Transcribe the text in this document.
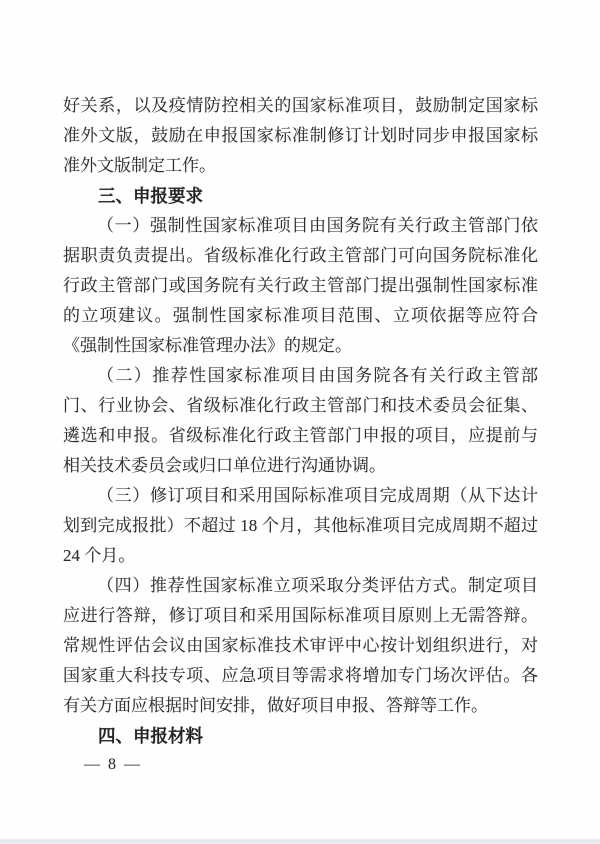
好关系，以及疫情防控相关的国家标准项目，鼓励制定国家标准外文版，鼓励在申报国家标准制修订计划时同步申报国家标准外文版制定工作。

三、申报要求

（一）强制性国家标准项目由国务院有关行政主管部门依据职责负责提出。省级标准化行政主管部门可向国务院标准化行政主管部门或国务院有关行政主管部门提出强制性国家标准的立项建议。强制性国家标准项目范围、立项依据等应符合《强制性国家标准管理办法》的规定。

（二）推荐性国家标准项目由国务院各有关行政主管部门、行业协会、省级标准化行政主管部门和技术委员会征集、遴选和申报。省级标准化行政主管部门申报的项目，应提前与相关技术委员会或归口单位进行沟通协调。

（三）修订项目和采用国际标准项目完成周期（从下达计划到完成报批）不超过 18 个月，其他标准项目完成周期不超过 24 个月。

（四）推荐性国家标准立项采取分类评估方式。制定项目应进行答辩，修订项目和采用国际标准项目原则上无需答辩。常规性评估会议由国家标准技术审评中心按计划组织进行，对国家重大科技专项、应急项目等需求将增加专门场次评估。各有关方面应根据时间安排，做好项目申报、答辩等工作。

四、申报材料
— 8 —
